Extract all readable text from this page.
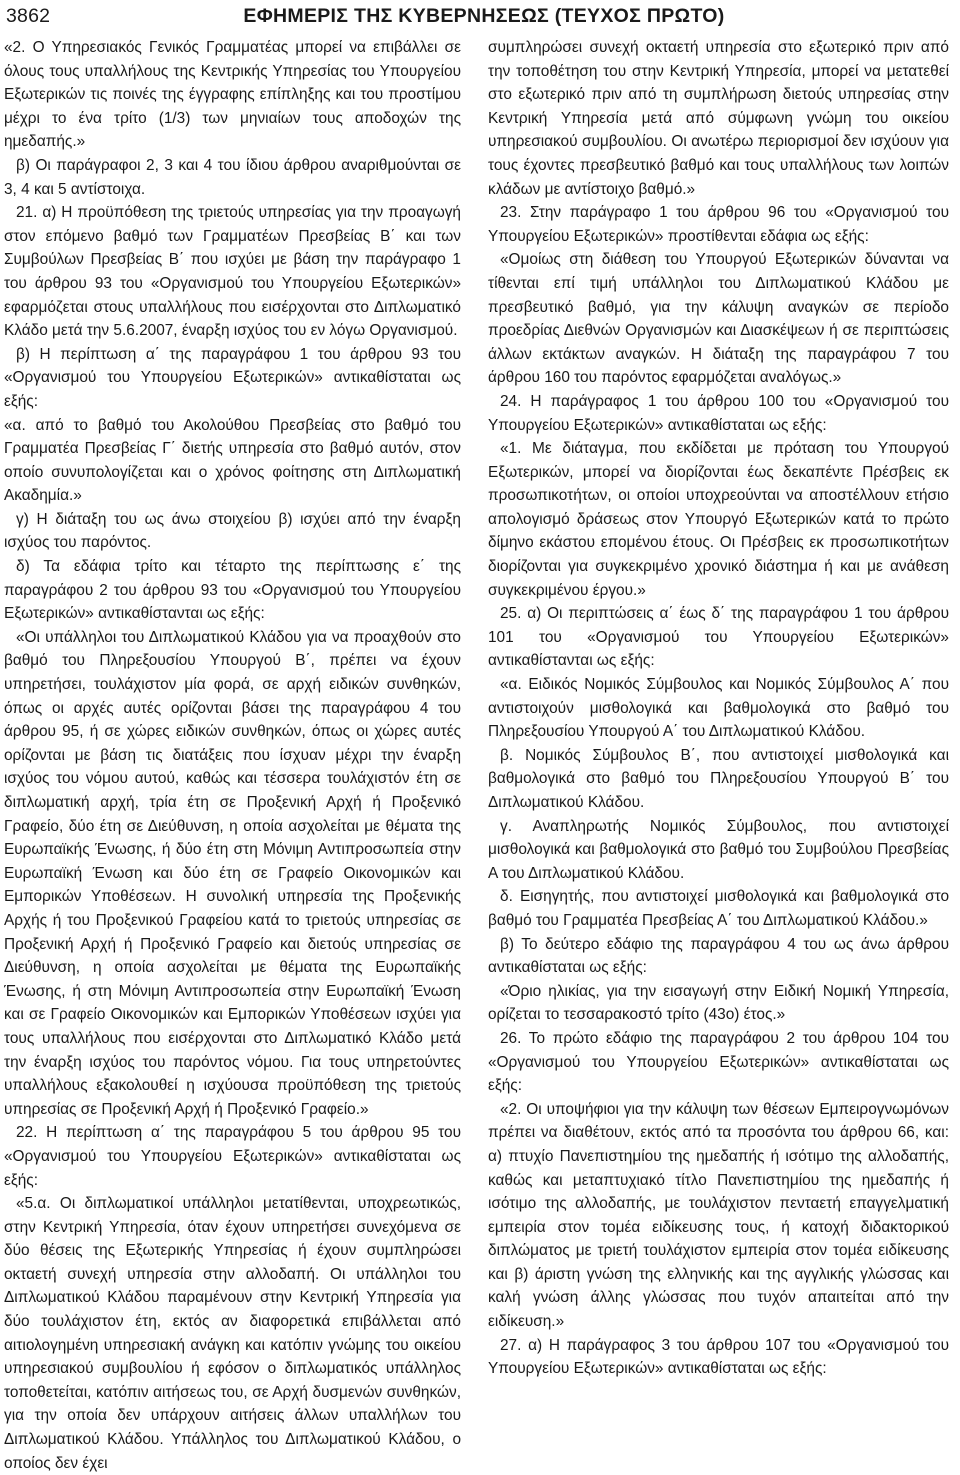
3862	ΕΦΗΜΕΡΙΣ ΤΗΣ ΚΥΒΕΡΝΗΣΕΩΣ (ΤΕΥΧΟΣ ΠΡΩΤΟ)

«2. Ο Υπηρεσιακός Γενικός Γραμματέας μπορεί να επιβάλλει σε όλους τους υπαλλήλους της Κεντρικής Υπηρεσίας του Υπουργείου Εξωτερικών τις ποινές της έγγραφης επίπληξης και του προστίμου μέχρι το ένα τρίτο (1/3) των μηνιαίων τους αποδοχών της ημεδαπής.»

β) Οι παράγραφοι 2, 3 και 4 του ίδιου άρθρου αναριθμούνται σε 3, 4 και 5 αντίστοιχα.

21. α) Η προϋπόθεση της τριετούς υπηρεσίας για την προαγωγή στον επόμενο βαθμό των Γραμματέων Πρεσβείας Β΄ και των Συμβούλων Πρεσβείας Β΄ που ισχύει με βάση την παράγραφο 1 του άρθρου 93 του «Οργανισμού του Υπουργείου Εξωτερικών» εφαρμόζεται στους υπαλλήλους που εισέρχονται στο Διπλωματικό Κλάδο μετά την 5.6.2007, έναρξη ισχύος του εν λόγω Οργανισμού.

β) Η περίπτωση α΄ της παραγράφου 1 του άρθρου 93 του «Οργανισμού του Υπουργείου Εξωτερικών» αντικαθίσταται ως εξής:

«α. από το βαθμό του Ακολούθου Πρεσβείας στο βαθμό του Γραμματέα Πρεσβείας Γ΄ διετής υπηρεσία στο βαθμό αυτόν, στον οποίο συνυπολογίζεται και ο χρόνος φοίτησης στη Διπλωματική Ακαδημία.»

γ) Η διάταξη του ως άνω στοιχείου β) ισχύει από την έναρξη ισχύος του παρόντος.

δ) Τα εδάφια τρίτο και τέταρτο της περίπτωσης ε΄ της παραγράφου 2 του άρθρου 93 του «Οργανισμού του Υπουργείου Εξωτερικών» αντικαθίστανται ως εξής:

«Οι υπάλληλοι του Διπλωματικού Κλάδου για να προαχθούν στο βαθμό του Πληρεξουσίου Υπουργού Β΄, πρέπει να έχουν υπηρετήσει, τουλάχιστον μία φορά, σε αρχή ειδικών συνθηκών, όπως οι αρχές αυτές ορίζονται βάσει της παραγράφου 4 του άρθρου 95, ή σε χώρες ειδικών συνθηκών, όπως οι χώρες αυτές ορίζονται με βάση τις διατάξεις που ίσχυαν μέχρι την έναρξη ισχύος του νόμου αυτού, καθώς και τέσσερα τουλάχιστόν έτη σε διπλωματική αρχή, τρία έτη σε Προξενική Αρχή ή Προξενικό Γραφείο, δύο έτη σε Διεύθυνση, η οποία ασχολείται με θέματα της Ευρωπαϊκής Ένωσης, ή δύο έτη στη Μόνιμη Αντιπροσωπεία στην Ευρωπαϊκή Ένωση και δύο έτη σε Γραφείο Οικονομικών και Εμπορικών Υποθέσεων. Η συνολική υπηρεσία της Προξενικής Αρχής ή του Προξενικού Γραφείου κατά το τριετούς υπηρεσίας σε Προξενική Αρχή ή Προξενικό Γραφείο και διετούς υπηρεσίας σε Διεύθυνση, η οποία ασχολείται με θέματα της Ευρωπαϊκής Ένωσης, ή στη Μόνιμη Αντιπροσωπεία στην Ευρωπαϊκή Ένωση και σε Γραφείο Οικονομικών και Εμπορικών Υποθέσεων ισχύει για τους υπαλλήλους που εισέρχονται στο Διπλωματικό Κλάδο μετά την έναρξη ισχύος του παρόντος νόμου. Για τους υπηρετούντες υπαλλήλους εξακολουθεί η ισχύουσα προϋπόθεση της τριετούς υπηρεσίας σε Προξενική Αρχή ή Προξενικό Γραφείο.»

22. Η περίπτωση α΄ της παραγράφου 5 του άρθρου 95 του «Οργανισμού του Υπουργείου Εξωτερικών» αντικαθίσταται ως εξής:

«5.α. Οι διπλωματικοί υπάλληλοι μετατίθενται, υποχρεωτικώς, στην Κεντρική Υπηρεσία, όταν έχουν υπηρετήσει συνεχόμενα σε δύο θέσεις της Εξωτερικής Υπηρεσίας ή έχουν συμπληρώσει οκταετή συνεχή υπηρεσία στην αλλοδαπή. Οι υπάλληλοι του Διπλωματικού Κλάδου παραμένουν στην Κεντρική Υπηρεσία για δύο τουλάχιστον έτη, εκτός αν διαφορετικά επιβάλλεται από αιτιολογημένη υπηρεσιακή ανάγκη και κατόπιν γνώμης του οικείου υπηρεσιακού συμβουλίου ή εφόσον ο διπλωματικός υπάλληλος τοποθετείται, κατόπιν αιτήσεως του, σε Αρχή δυσμενών συνθηκών, για την οποία δεν υπάρχουν αιτήσεις άλλων υπαλλήλων του Διπλωματικού Κλάδου. Υπάλληλος του Διπλωματικού Κλάδου, ο οποίος δεν έχει

συμπληρώσει συνεχή οκταετή υπηρεσία στο εξωτερικό πριν από την τοποθέτηση του στην Κεντρική Υπηρεσία, μπορεί να μετατεθεί στο εξωτερικό πριν από τη συμπλήρωση διετούς υπηρεσίας στην Κεντρική Υπηρεσία μετά από σύμφωνη γνώμη του οικείου υπηρεσιακού συμβουλίου. Οι ανωτέρω περιορισμοί δεν ισχύουν για τους έχοντες πρεσβευτικό βαθμό και τους υπαλλήλους των λοιπών κλάδων με αντίστοιχο βαθμό.»

23. Στην παράγραφο 1 του άρθρου 96 του «Οργανισμού του Υπουργείου Εξωτερικών» προστίθενται εδάφια ως εξής:

«Ομοίως στη διάθεση του Υπουργού Εξωτερικών δύνανται να τίθενται επί τιμή υπάλληλοι του Διπλωματικού Κλάδου με πρεσβευτικό βαθμό, για την κάλυψη αναγκών σε περίοδο προεδρίας Διεθνών Οργανισμών και Διασκέψεων ή σε περιπτώσεις άλλων εκτάκτων αναγκών. Η διάταξη της παραγράφου 7 του άρθρου 160 του παρόντος εφαρμόζεται αναλόγως.»

24. Η παράγραφος 1 του άρθρου 100 του «Οργανισμού του Υπουργείου Εξωτερικών» αντικαθίσταται ως εξής:

«1. Με διάταγμα, που εκδίδεται με πρόταση του Υπουργού Εξωτερικών, μπορεί να διορίζονται έως δεκαπέντε Πρέσβεις εκ προσωπικοτήτων, οι οποίοι υποχρεούνται να αποστέλλουν ετήσιο απολογισμό δράσεως στον Υπουργό Εξωτερικών κατά το πρώτο δίμηνο εκάστου επομένου έτους. Οι Πρέσβεις εκ προσωπικοτήτων διορίζονται για συγκεκριμένο χρονικό διάστημα ή και με ανάθεση συγκεκριμένου έργου.»

25. α) Οι περιπτώσεις α΄ έως δ΄ της παραγράφου 1 του άρθρου 101 του «Οργανισμού του Υπουργείου Εξωτερικών» αντικαθίστανται ως εξής:

«α. Ειδικός Νομικός Σύμβουλος και Νομικός Σύμβουλος Α΄ που αντιστοιχούν μισθολογικά και βαθμολογικά στο βαθμό του Πληρεξουσίου Υπουργού Α΄ του Διπλωματικού Κλάδου.

β. Νομικός Σύμβουλος Β΄, που αντιστοιχεί μισθολογικά και βαθμολογικά στο βαθμό του Πληρεξουσίου Υπουργού Β΄ του Διπλωματικού Κλάδου.

γ. Αναπληρωτής Νομικός Σύμβουλος, που αντιστοιχεί μισθολογικά και βαθμολογικά στο βαθμό του Συμβούλου Πρεσβείας Α του Διπλωματικού Κλάδου.

δ. Εισηγητής, που αντιστοιχεί μισθολογικά και βαθμολογικά στο βαθμό του Γραμματέα Πρεσβείας Α΄ του Διπλωματικού Κλάδου.»

β) Το δεύτερο εδάφιο της παραγράφου 4 του ως άνω άρθρου αντικαθίσταται ως εξής:

«Όριο ηλικίας, για την εισαγωγή στην Ειδική Νομική Υπηρεσία, ορίζεται το τεσσαρακοστό τρίτο (43ο) έτος.»

26. Το πρώτο εδάφιο της παραγράφου 2 του άρθρου 104 του «Οργανισμού του Υπουργείου Εξωτερικών» αντικαθίσταται ως εξής:

«2. Οι υποψήφιοι για την κάλυψη των θέσεων Εμπειρογνωμόνων πρέπει να διαθέτουν, εκτός από τα προσόντα του άρθρου 66, και: α) πτυχίο Πανεπιστημίου της ημεδαπής ή ισότιμο της αλλοδαπής, καθώς και μεταπτυχιακό τίτλο Πανεπιστημίου της ημεδαπής ή ισότιμο της αλλοδαπής, με τουλάχιστον πενταετή επαγγελματική εμπειρία στον τομέα ειδίκευσης τους, ή κατοχή διδακτορικού διπλώματος με τριετή τουλάχιστον εμπειρία στον τομέα ειδίκευσης και β) άριστη γνώση της ελληνικής και της αγγλικής γλώσσας και καλή γνώση άλλης γλώσσας που τυχόν απαιτείται από την ειδίκευση.»

27. α) Η παράγραφος 3 του άρθρου 107 του «Οργανισμού του Υπουργείου Εξωτερικών» αντικαθίσταται ως εξής:
